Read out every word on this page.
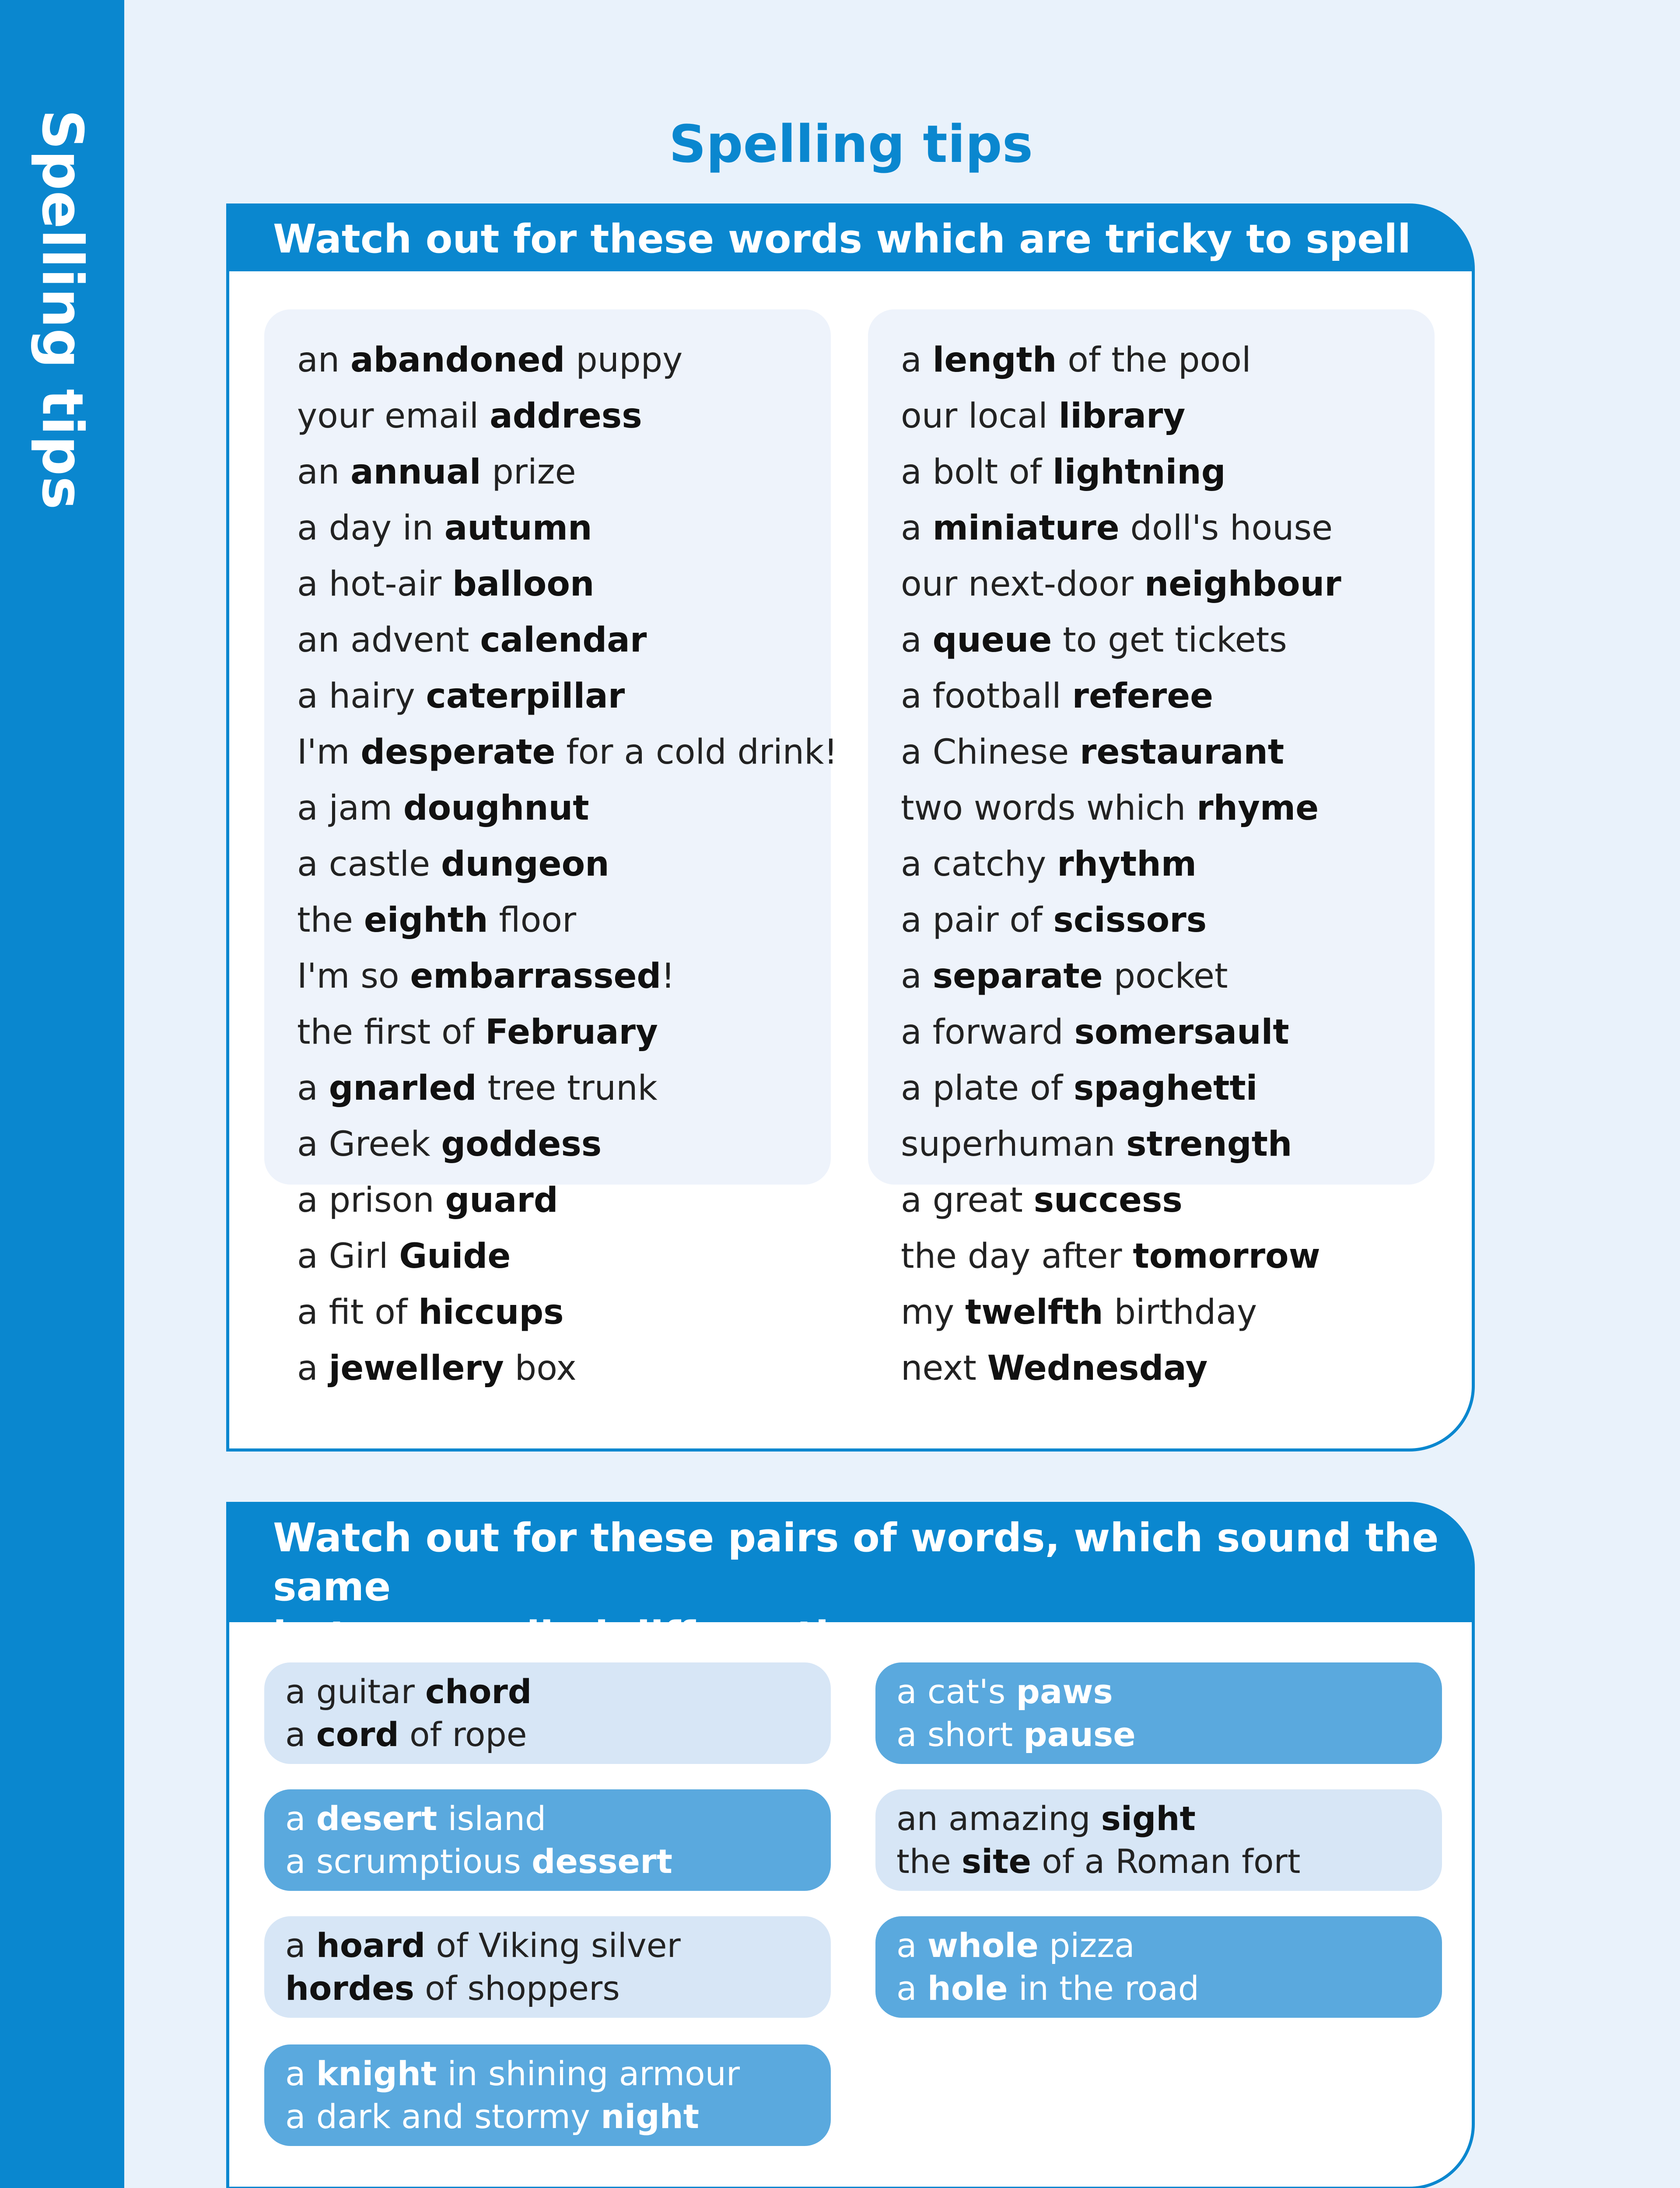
Spelling tips	Spelling tips
Watch out for these words which are tricky to spell
an abandoned puppy
your email address
an annual prize
a day in autumn
a hot-air balloon
an advent calendar
a hairy caterpillar
I'm desperate for a cold drink!
a jam doughnut
a castle dungeon
the eighth floor
I'm so embarrassed!
the first of February
a gnarled tree trunk
a Greek goddess
a prison guard
a Girl Guide
a fit of hiccups
a jewellery box
a length of the pool
our local library
a bolt of lightning
a miniature doll's house
our next-door neighbour
a queue to get tickets
a football referee
a Chinese restaurant
two words which rhyme
a catchy rhythm
a pair of scissors
a separate pocket
a forward somersault
a plate of spaghetti
superhuman strength
a great success
the day after tomorrow
my twelfth birthday
next Wednesday
Watch out for these pairs of words, which sound the same
but are spelled differently
a guitar chord
a cord of rope
a cat's paws
a short pause
a desert island
a scrumptious dessert
an amazing sight
the site of a Roman fort
a hoard of Viking silver
hordes of shoppers
a whole pizza
a hole in the road
a knight in shining armour
a dark and stormy night
